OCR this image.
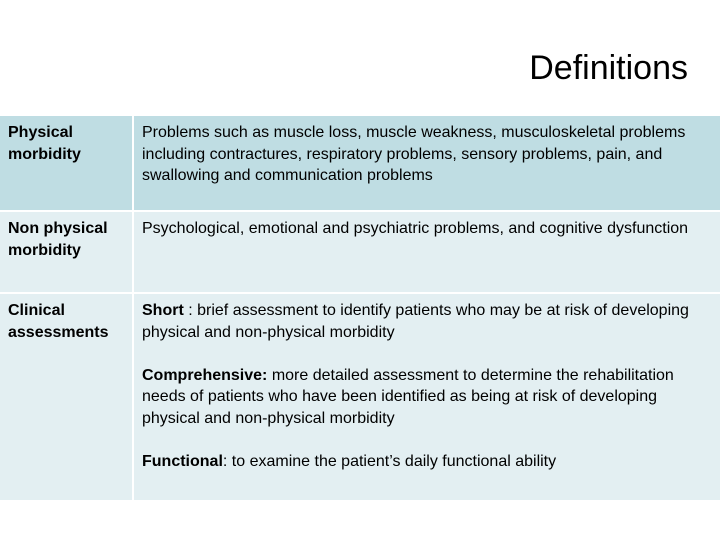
Definitions
Physical morbidity
Problems such as muscle loss, muscle weakness, musculoskeletal problems including contractures, respiratory problems, sensory problems, pain, and swallowing and communication problems
Non physical morbidity
Psychological, emotional and psychiatric problems, and cognitive dysfunction
Clinical assessments

Short : brief assessment to identify patients who may be at risk of developing physical and non-physical morbidity

Comprehensive: more detailed assessment to determine the rehabilitation needs of patients who have been identified as being at risk of developing physical and non-physical morbidity

Functional: to examine the patient’s daily functional ability
